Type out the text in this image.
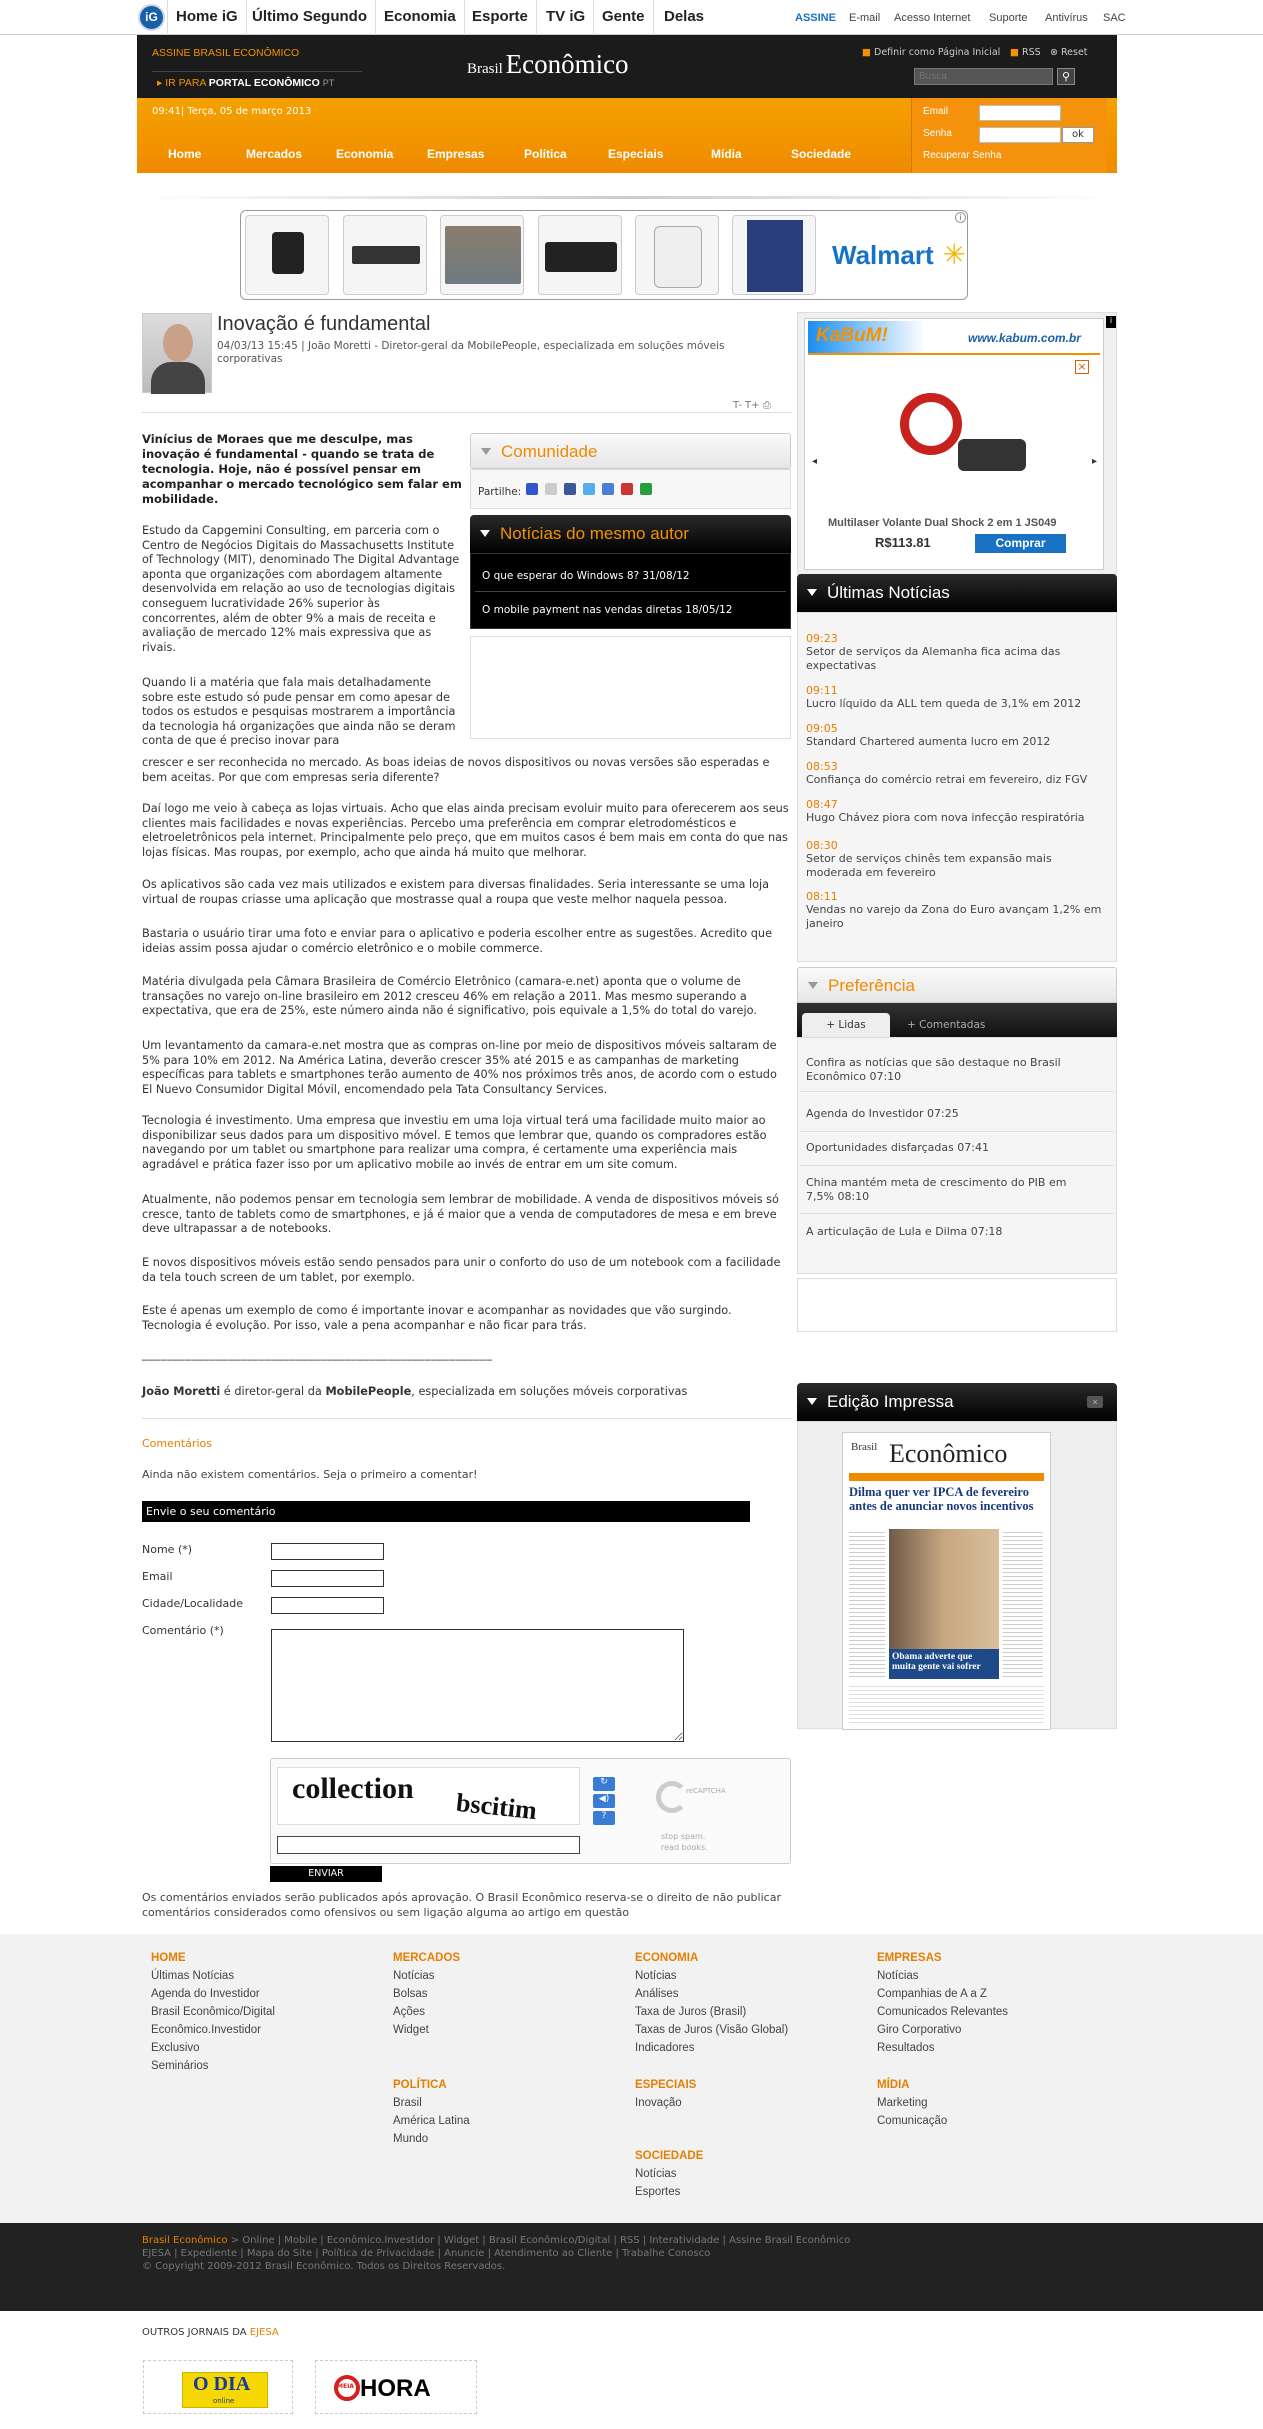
iG	Home iG Último Segundo	Economia	Esporte	TV iG	Gente	Delas	ASSINE E-mail Acesso Internet Suporte Antivírus SAC
ASSINE BRASIL ECONÔMICO
▸ IR PARA PORTAL ECONÔMICO PT
Brasil Econômico	■ Definir como Página Inicial ■ RSS ⊗ Reset
Busca
⚲
09:41| Terça, 05 de março 2013
Home	Mercados	Economia	Empresas	Política	Especiais	Mídia	Sociedade
Email
Senha	ok
Recuperar Senha
Walmart ✳
i
Inovação é fundamental
04/03/13 15:45 | João Moretti - Diretor-geral da MobilePeople, especializada em soluções móveis corporativas
T- T+ ⎙
Vinícius de Moraes que me desculpe, mas inovação é fundamental - quando se trata de tecnologia. Hoje, não é possível pensar em acompanhar o mercado tecnológico sem falar em mobilidade.
Estudo da Capgemini Consulting, em parceria com o Centro de Negócios Digitais do Massachusetts Institute of Technology (MIT), denominado The Digital Advantage aponta que organizações com abordagem altamente desenvolvida em relação ao uso de tecnologias digitais conseguem lucratividade 26% superior às concorrentes, além de obter 9% a mais de receita e avaliação de mercado 12% mais expressiva que as rivais.
Quando li a matéria que fala mais detalhadamente sobre este estudo só pude pensar em como apesar de todos os estudos e pesquisas mostrarem a importância da tecnologia há organizações que ainda não se deram conta de que é preciso inovar para
crescer e ser reconhecida no mercado. As boas ideias de novos dispositivos ou novas versões são esperadas e bem aceitas. Por que com empresas seria diferente?
Daí logo me veio à cabeça as lojas virtuais. Acho que elas ainda precisam evoluir muito para oferecerem aos seus clientes mais facilidades e novas experiências. Percebo uma preferência em comprar eletrodomésticos e eletroeletrônicos pela internet. Principalmente pelo preço, que em muitos casos é bem mais em conta do que nas lojas físicas. Mas roupas, por exemplo, acho que ainda há muito que melhorar.
Os aplicativos são cada vez mais utilizados e existem para diversas finalidades. Seria interessante se uma loja virtual de roupas criasse uma aplicação que mostrasse qual a roupa que veste melhor naquela pessoa.
Bastaria o usuário tirar uma foto e enviar para o aplicativo e poderia escolher entre as sugestões. Acredito que ideias assim possa ajudar o comércio eletrônico e o mobile commerce.
Matéria divulgada pela Câmara Brasileira de Comércio Eletrônico (camara-e.net) aponta que o volume de transações no varejo on-line brasileiro em 2012 cresceu 46% em relação a 2011. Mas mesmo superando a expectativa, que era de 25%, este número ainda não é significativo, pois equivale a 1,5% do total do varejo.
Um levantamento da camara-e.net mostra que as compras on-line por meio de dispositivos móveis saltaram de 5% para 10% em 2012. Na América Latina, deverão crescer 35% até 2015 e as campanhas de marketing específicas para tablets e smartphones terão aumento de 40% nos próximos três anos, de acordo com o estudo El Nuevo Consumidor Digital Móvil, encomendado pela Tata Consultancy Services.
Tecnologia é investimento. Uma empresa que investiu em uma loja virtual terá uma facilidade muito maior ao disponibilizar seus dados para um dispositivo móvel. E temos que lembrar que, quando os compradores estão navegando por um tablet ou smartphone para realizar uma compra, é certamente uma experiência mais agradável e prática fazer isso por um aplicativo mobile ao invés de entrar em um site comum.
Atualmente, não podemos pensar em tecnologia sem lembrar de mobilidade. A venda de dispositivos móveis só cresce, tanto de tablets como de smartphones, e já é maior que a venda de computadores de mesa e em breve deve ultrapassar a de notebooks.
E novos dispositivos móveis estão sendo pensados para unir o conforto do uso de um notebook com a facilidade da tela touch screen de um tablet, por exemplo.
Este é apenas um exemplo de como é importante inovar e acompanhar as novidades que vão surgindo. Tecnologia é evolução. Por isso, vale a pena acompanhar e não ficar para trás.
_________________________________________________________
João Moretti é diretor-geral da MobilePeople, especializada em soluções móveis corporativas
Comunidade
Partilhe:
Notícias do mesmo autor
O que esperar do Windows 8? 31/08/12
O mobile payment nas vendas diretas 18/05/12
i
KaBuM!	www.kabum.com.br
×
◂	▸
Multilaser Volante Dual Shock 2 em 1 JS049
R$113.81	Comprar
Últimas Notícias
09:23
Setor de serviços da Alemanha fica acima das expectativas
09:11
Lucro líquido da ALL tem queda de 3,1% em 2012
09:05
Standard Chartered aumenta lucro em 2012
08:53
Confiança do comércio retrai em fevereiro, diz FGV
08:47
Hugo Chávez piora com nova infecção respiratória
08:30
Setor de serviços chinês tem expansão mais moderada em fevereiro
08:11
Vendas no varejo da Zona do Euro avançam 1,2% em janeiro
Preferência
+ Lidas	+ Comentadas
Confira as notícias que são destaque no Brasil Econômico 07:10
Agenda do Investidor 07:25
Oportunidades disfarçadas 07:41
China mantém meta de crescimento do PIB em 7,5% 08:10
A articulação de Lula e Dilma 07:18
Edição Impressa	×
Brasil Econômico
Dilma quer ver IPCA de fevereiro antes de anunciar novos incentivos
Obama adverte que muita gente vai sofrer
Comentários
Ainda não existem comentários. Seja o primeiro a comentar!
Envie o seu comentário
Nome (*)
Email
Cidade/Localidade
Comentário (*)
collection bscitim
↻
◀)
?
reCAPTCHA
stop spam.
read books.
ENVIAR
Os comentários enviados serão publicados após aprovação. O Brasil Econômico reserva-se o direito de não publicar comentários considerados como ofensivos ou sem ligação alguma ao artigo em questão
HOME
Últimas Notícias
Agenda do Investidor
Brasil Econômico/Digital
Econômico.Investidor
Exclusivo
Seminários
MERCADOS
Notícias
Bolsas
Ações
Widget
ECONOMIA
Notícias
Análises
Taxa de Juros (Brasil)
Taxas de Juros (Visão Global)
Indicadores
EMPRESAS
Notícias
Companhias de A a Z
Comunicados Relevantes
Giro Corporativo
Resultados
POLÍTICA
Brasil
América Latina
Mundo
ESPECIAIS
Inovação
MÍDIA
Marketing
Comunicação
SOCIEDADE
Notícias
Esportes
Brasil Econômico > Online | Mobile | Econômico.Investidor | Widget | Brasil Econômico/Digital | RSS | Interatividade | Assine Brasil Econômico
EJESA | Expediente | Mapa do Site | Política de Privacidade | Anuncie | Atendimento ao Cliente | Trabalhe Conosco
© Copyright 2009-2012 Brasil Econômico. Todos os Direitos Reservados.
OUTROS JORNAIS DA EJESA
O DIA
online
MEIA HORA
